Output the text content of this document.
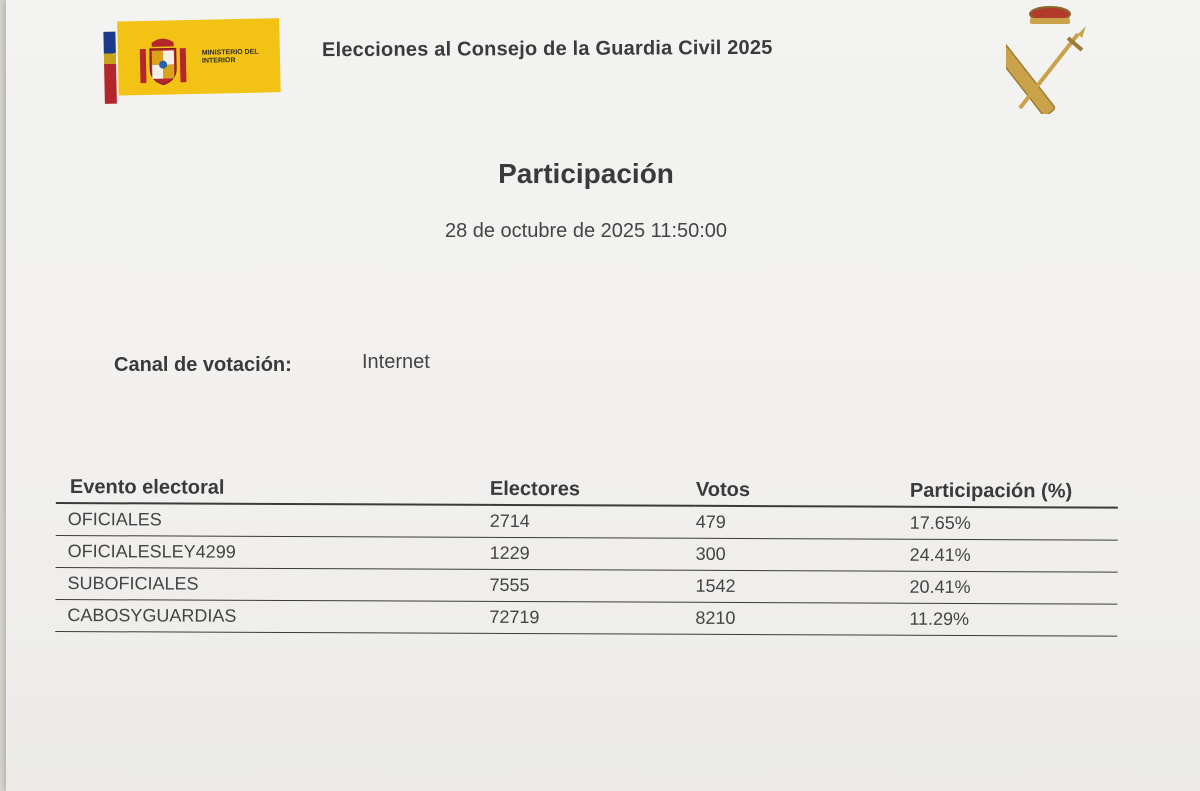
MINISTERIO DEL INTERIOR	Elecciones al Consejo de la Guardia Civil 2025
Participación
28 de octubre de 2025 11:50:00
Canal de votación:	Internet
Evento electoral	Electores	Votos	Participación (%)
OFICIALES	2714	479	17.65%
OFICIALESLEY4299	1229	300	24.41%
SUBOFICIALES	7555	1542	20.41%
CABOSYGUARDIAS	72719	8210	11.29%
